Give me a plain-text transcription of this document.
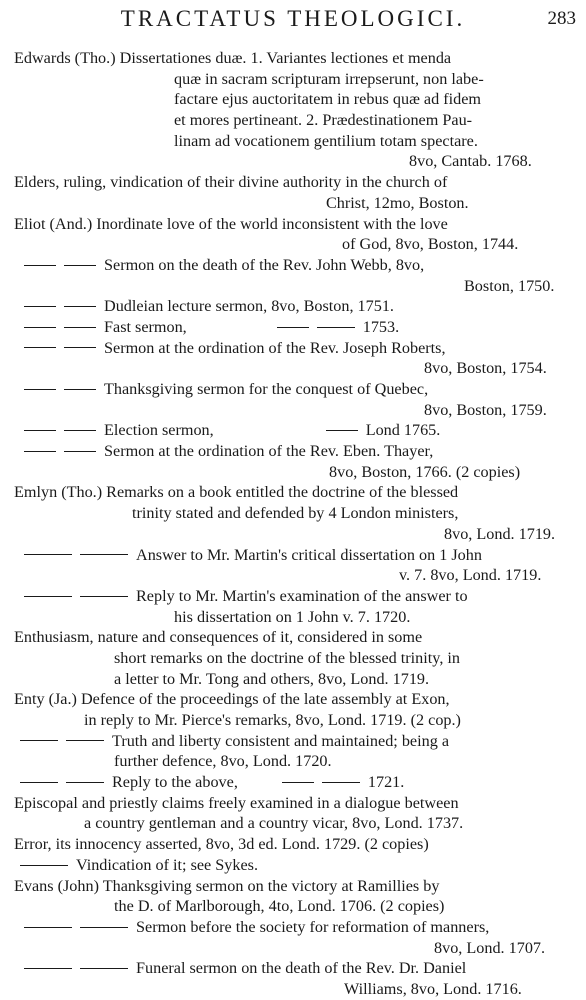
TRACTATUS THEOLOGICI.	283
Edwards (Tho.) Dissertationes duæ. 1. Variantes lectiones et menda
quæ in sacram scripturam irrepserunt, non labe-
factare ejus auctoritatem in rebus quæ ad fidem
et mores pertineant. 2. Prædestinationem Pau-
linam ad vocationem gentilium totam spectare.
8vo, Cantab. 1768.
Elders, ruling, vindication of their divine authority in the church of
Christ, 12mo, Boston.
Eliot (And.) Inordinate love of the world inconsistent with the love
of God, 8vo, Boston, 1744.
Sermon on the death of the Rev. John Webb, 8vo,
Boston, 1750.
Dudleian lecture sermon, 8vo, Boston, 1751.
Fast sermon,	1753.
Sermon at the ordination of the Rev. Joseph Roberts,
8vo, Boston, 1754.
Thanksgiving sermon for the conquest of Quebec,
8vo, Boston, 1759.
Election sermon,	Lond 1765.
Sermon at the ordination of the Rev. Eben. Thayer,
8vo, Boston, 1766. (2 copies)
Emlyn (Tho.) Remarks on a book entitled the doctrine of the blessed
trinity stated and defended by 4 London ministers,
8vo, Lond. 1719.
Answer to Mr. Martin's critical dissertation on 1 John
v. 7. 8vo, Lond. 1719.
Reply to Mr. Martin's examination of the answer to
his dissertation on 1 John v. 7. 1720.
Enthusiasm, nature and consequences of it, considered in some
short remarks on the doctrine of the blessed trinity, in
a letter to Mr. Tong and others, 8vo, Lond. 1719.
Enty (Ja.) Defence of the proceedings of the late assembly at Exon,
in reply to Mr. Pierce's remarks, 8vo, Lond. 1719. (2 cop.)
Truth and liberty consistent and maintained; being a
further defence, 8vo, Lond. 1720.
Reply to the above,	1721.
Episcopal and priestly claims freely examined in a dialogue between
a country gentleman and a country vicar, 8vo, Lond. 1737.
Error, its innocency asserted, 8vo, 3d ed. Lond. 1729. (2 copies)
Vindication of it; see Sykes.
Evans (John) Thanksgiving sermon on the victory at Ramillies by
the D. of Marlborough, 4to, Lond. 1706. (2 copies)
Sermon before the society for reformation of manners,
8vo, Lond. 1707.
Funeral sermon on the death of the Rev. Dr. Daniel
Williams, 8vo, Lond. 1716.
